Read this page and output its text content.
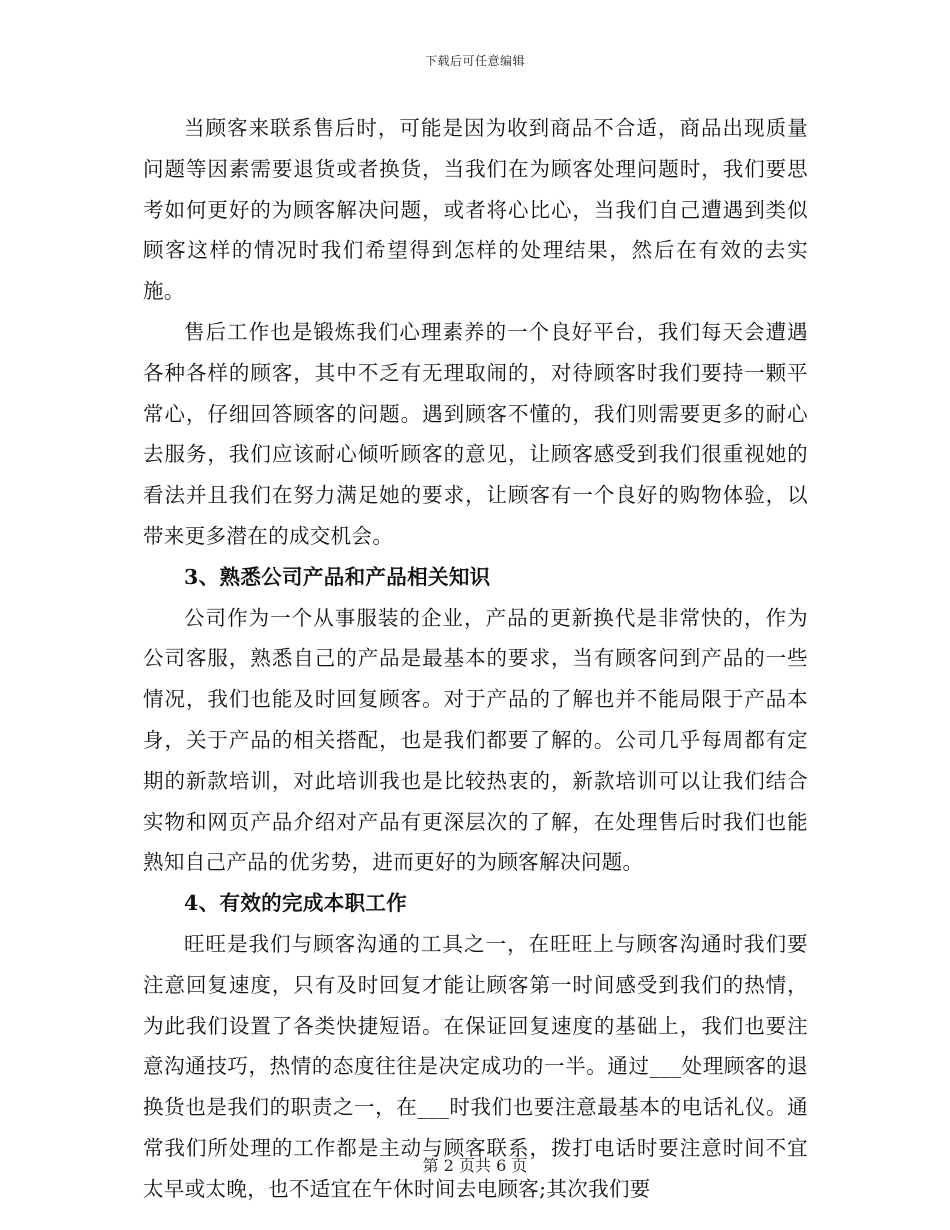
下载后可任意编辑

当顾客来联系售后时，可能是因为收到商品不合适，商品出现质量问题等因素需要退货或者换货，当我们在为顾客处理问题时，我们要思考如何更好的为顾客解决问题，或者将心比心，当我们自己遭遇到类似顾客这样的情况时我们希望得到怎样的处理结果，然后在有效的去实施。

售后工作也是锻炼我们心理素养的一个良好平台，我们每天会遭遇各种各样的顾客，其中不乏有无理取闹的，对待顾客时我们要持一颗平常心，仔细回答顾客的问题。遇到顾客不懂的，我们则需要更多的耐心去服务，我们应该耐心倾听顾客的意见，让顾客感受到我们很重视她的看法并且我们在努力满足她的要求，让顾客有一个良好的购物体验，以带来更多潜在的成交机会。

3、熟悉公司产品和产品相关知识

公司作为一个从事服装的企业，产品的更新换代是非常快的，作为公司客服，熟悉自己的产品是最基本的要求，当有顾客问到产品的一些情况，我们也能及时回复顾客。对于产品的了解也并不能局限于产品本身，关于产品的相关搭配，也是我们都要了解的。公司几乎每周都有定期的新款培训，对此培训我也是比较热衷的，新款培训可以让我们结合实物和网页产品介绍对产品有更深层次的了解，在处理售后时我们也能熟知自己产品的优劣势，进而更好的为顾客解决问题。

4、有效的完成本职工作

旺旺是我们与顾客沟通的工具之一，在旺旺上与顾客沟通时我们要注意回复速度，只有及时回复才能让顾客第一时间感受到我们的热情，为此我们设置了各类快捷短语。在保证回复速度的基础上，我们也要注意沟通技巧，热情的态度往往是决定成功的一半。通过___处理顾客的退换货也是我们的职责之一，在___时我们也要注意最基本的电话礼仪。通常我们所处理的工作都是主动与顾客联系，拨打电话时要注意时间不宜太早或太晚，也不适宜在午休时间去电顾客;其次我们要

第 2 页共 6 页
